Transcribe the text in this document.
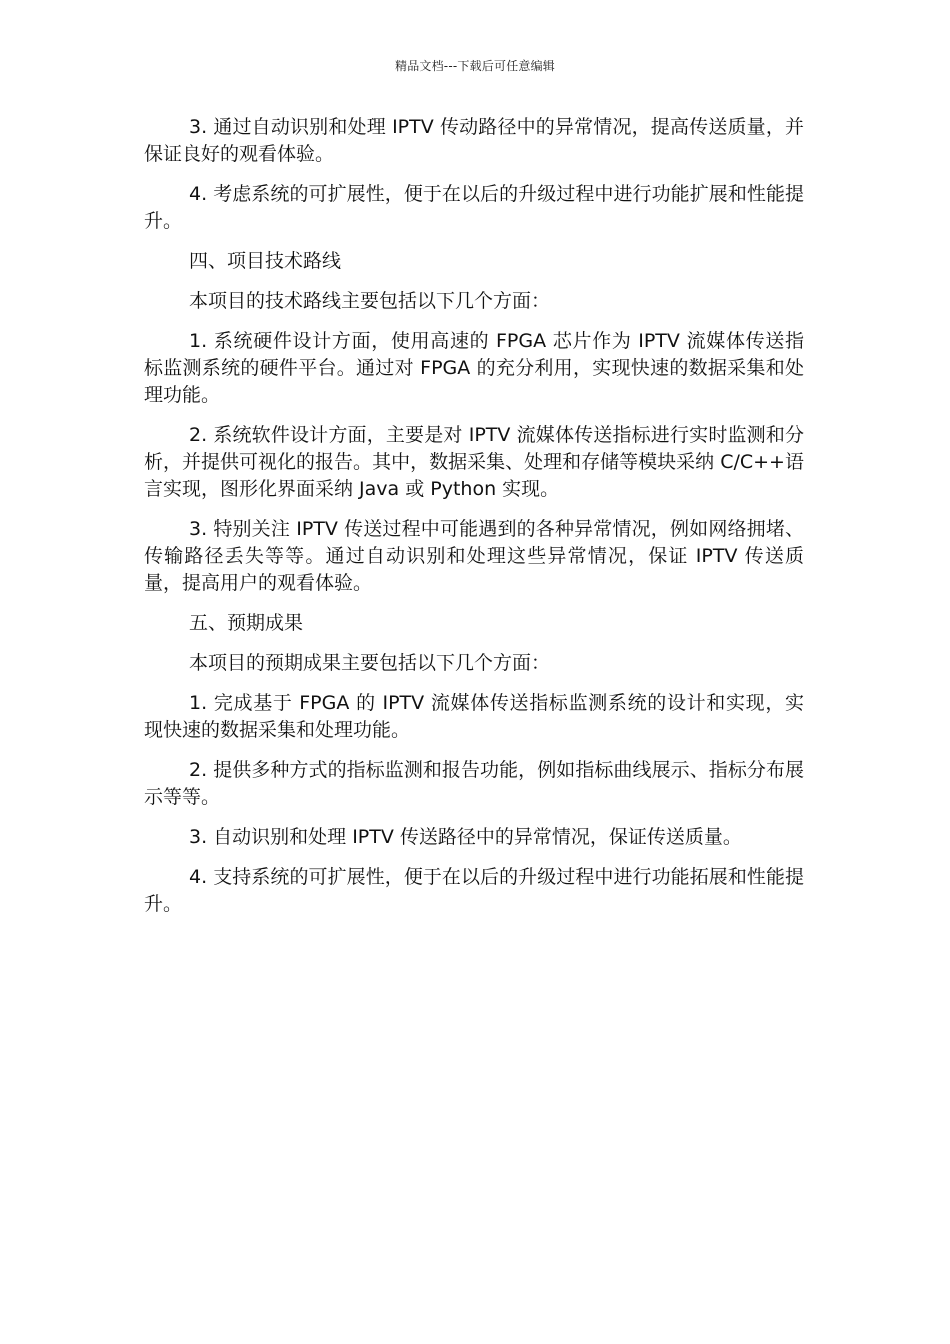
精品文档---下载后可任意编辑

3. 通过自动识别和处理 IPTV 传动路径中的异常情况，提高传送质量，并保证良好的观看体验。

4. 考虑系统的可扩展性，便于在以后的升级过程中进行功能扩展和性能提升。

四、项目技术路线

本项目的技术路线主要包括以下几个方面：

1. 系统硬件设计方面，使用高速的 FPGA 芯片作为 IPTV 流媒体传送指标监测系统的硬件平台。通过对 FPGA 的充分利用，实现快速的数据采集和处理功能。

2. 系统软件设计方面，主要是对 IPTV 流媒体传送指标进行实时监测和分析，并提供可视化的报告。其中，数据采集、处理和存储等模块采纳 C/C++语言实现，图形化界面采纳 Java 或 Python 实现。

3. 特别关注 IPTV 传送过程中可能遇到的各种异常情况，例如网络拥堵、传输路径丢失等等。通过自动识别和处理这些异常情况，保证 IPTV 传送质量，提高用户的观看体验。

五、预期成果

本项目的预期成果主要包括以下几个方面：

1. 完成基于 FPGA 的 IPTV 流媒体传送指标监测系统的设计和实现，实现快速的数据采集和处理功能。

2. 提供多种方式的指标监测和报告功能，例如指标曲线展示、指标分布展示等等。

3. 自动识别和处理 IPTV 传送路径中的异常情况，保证传送质量。

4. 支持系统的可扩展性，便于在以后的升级过程中进行功能拓展和性能提升。
